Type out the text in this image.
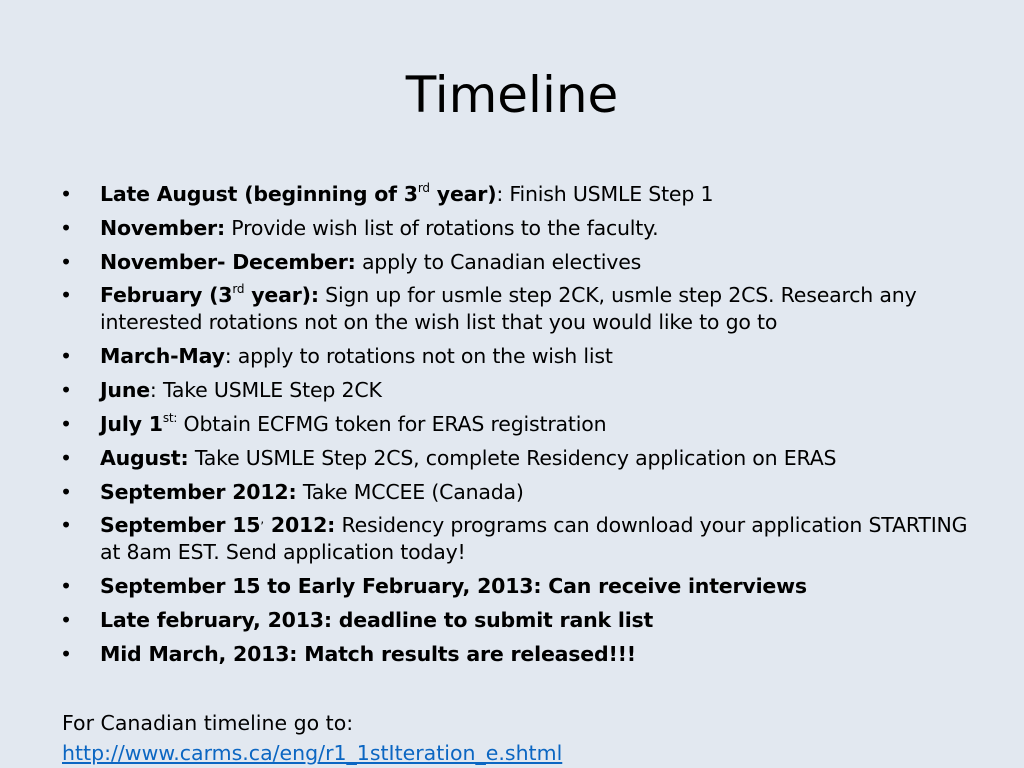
Timeline
• Late August (beginning of 3rd year): Finish USMLE Step 1
• November: Provide wish list of rotations to the faculty.
• November- December: apply to Canadian electives
• February (3rd year): Sign up for usmle step 2CK, usmle step 2CS. Research any interested rotations not on the wish list that you would like to go to
• March-May: apply to rotations not on the wish list
• June: Take USMLE Step 2CK
• July $1^{st:}$ Obtain ECFMG token for ERAS registration
• August: Take USMLE Step 2CS, complete Residency application on ERAS
• September 2012: Take MCCEE (Canada)
• September 15, 2012: Residency programs can download your application STARTING at 8am EST. Send application today!
• September 15 to Early February, 2013: Can receive interviews
• Late february, 2013: deadline to submit rank list
• Mid March, 2013: Match results are released!!!
For Canadian timeline go to:
http://www.carms.ca/eng/r1_1stIteration_e.shtml
